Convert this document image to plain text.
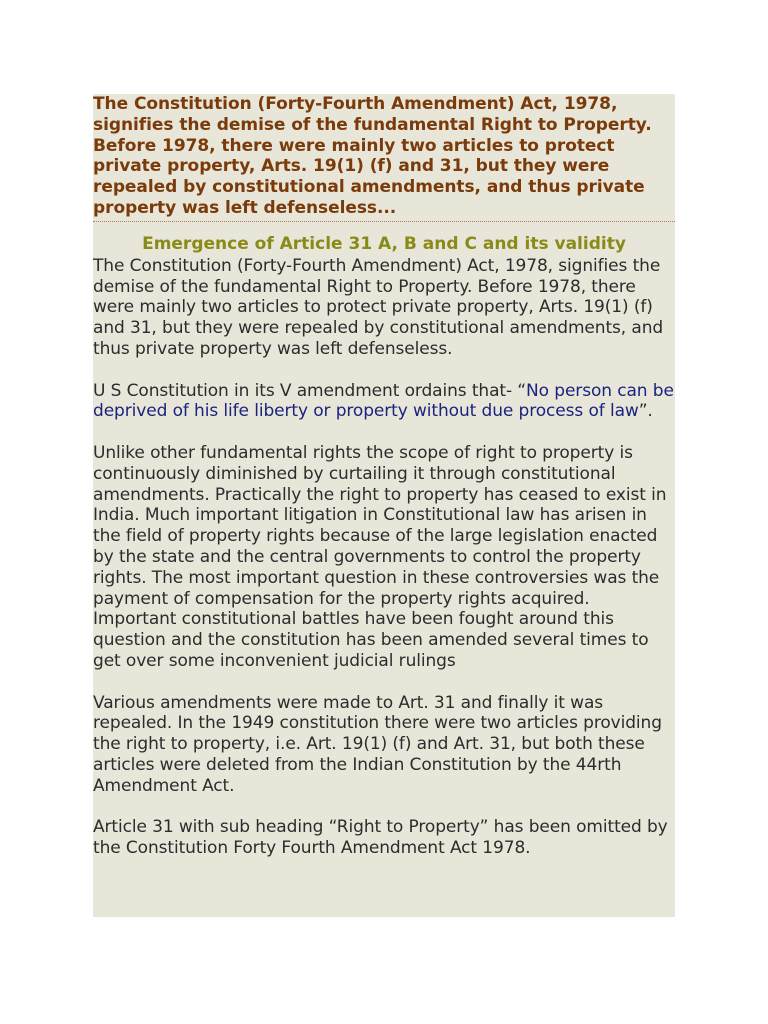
The Constitution (Forty-Fourth Amendment) Act, 1978, signifies the demise of the fundamental Right to Property. Before 1978, there were mainly two articles to protect private property, Arts. 19(1) (f) and 31, but they were repealed by constitutional amendments, and thus private property was left defenseless...

Emergence of Article 31 A, B and C and its validity

The Constitution (Forty-Fourth Amendment) Act, 1978, signifies the demise of the fundamental Right to Property. Before 1978, there were mainly two articles to protect private property, Arts. 19(1) (f) and 31, but they were repealed by constitutional amendments, and thus private property was left defenseless.

U S Constitution in its V amendment ordains that- “No person can be deprived of his life liberty or property without due process of law”.

Unlike other fundamental rights the scope of right to property is continuously diminished by curtailing it through constitutional amendments. Practically the right to property has ceased to exist in India. Much important litigation in Constitutional law has arisen in the field of property rights because of the large legislation enacted by the state and the central governments to control the property rights. The most important question in these controversies was the payment of compensation for the property rights acquired. Important constitutional battles have been fought around this question and the constitution has been amended several times to get over some inconvenient judicial rulings

Various amendments were made to Art. 31 and finally it was repealed. In the 1949 constitution there were two articles providing the right to property, i.e. Art. 19(1) (f) and Art. 31, but both these articles were deleted from the Indian Constitution by the 44rth Amendment Act.

Article 31 with sub heading “Right to Property” has been omitted by the Constitution Forty Fourth Amendment Act 1978.
